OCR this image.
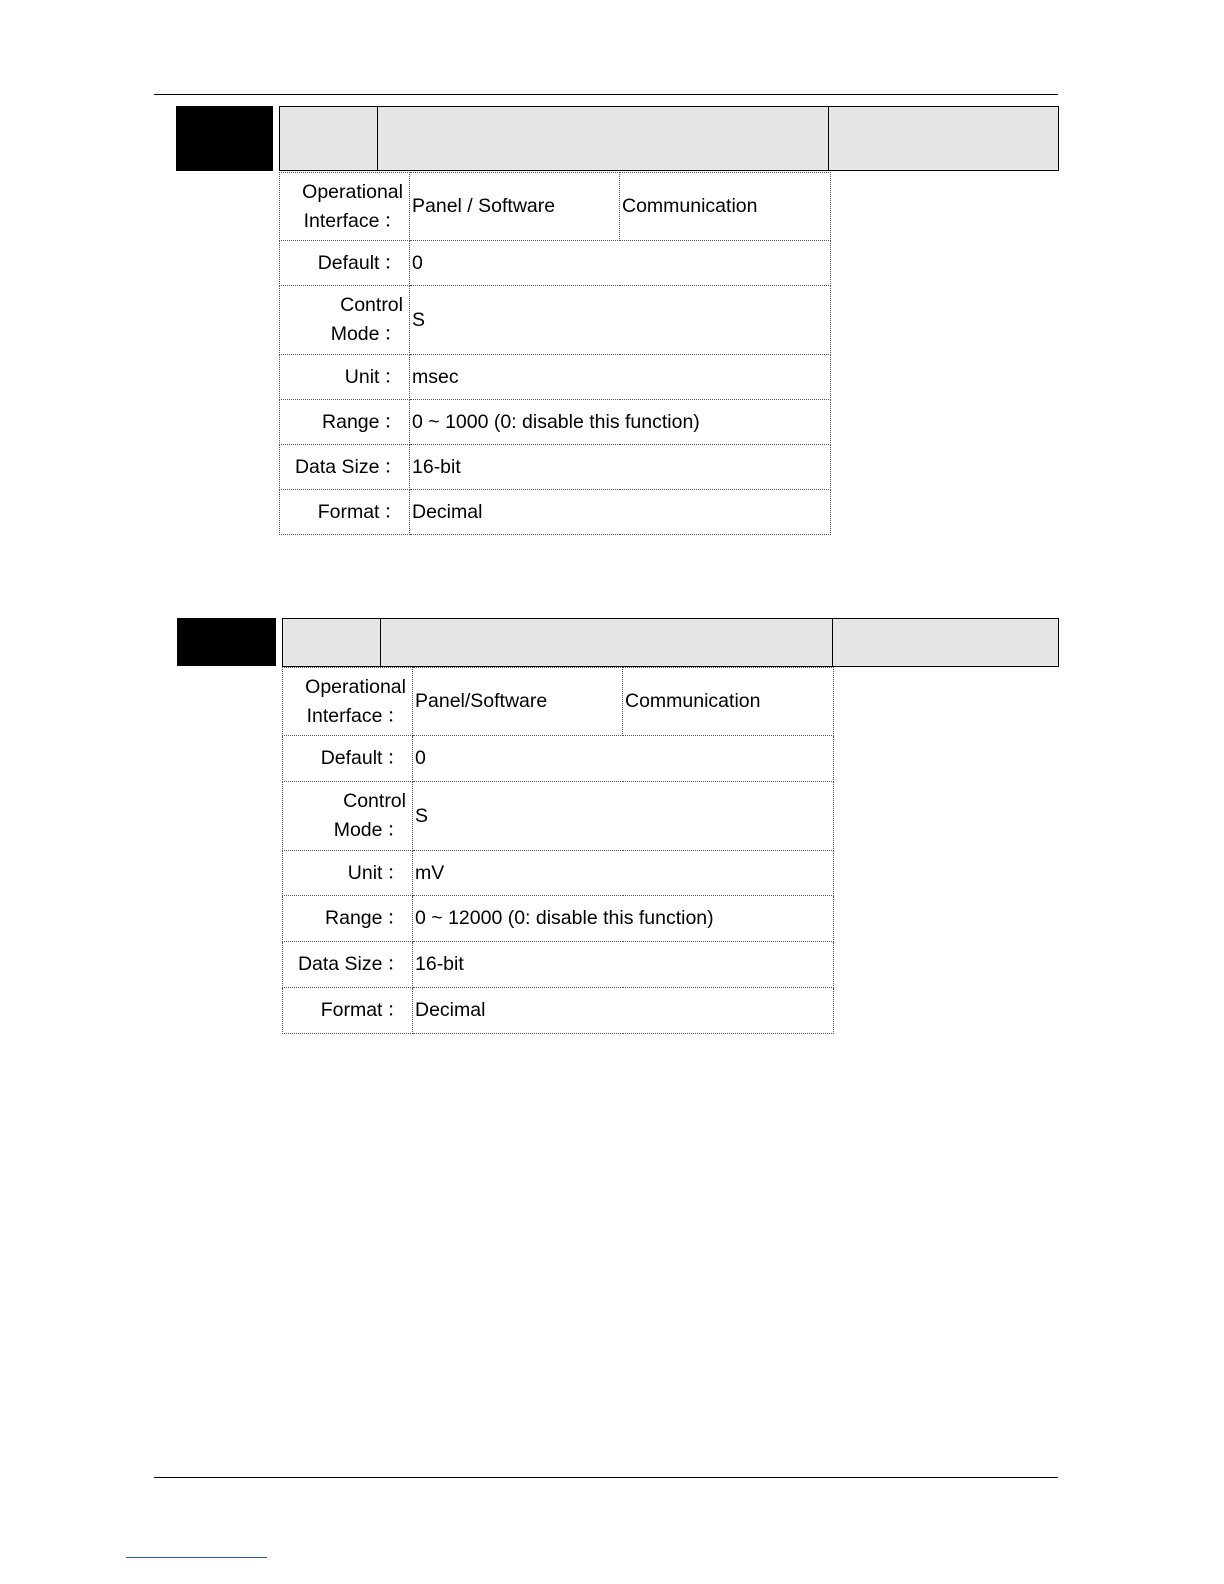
Operational
Interface ：	Panel / Software	Communication
Default ：	0	
Control
Mode ：	S	
Unit ：	msec	
Range ：	0 ~ 1000 (0: disable this function)	
Data Size ：	16-bit	
Format ：	Decimal	
Operational
Interface ：	Panel/Software	Communication
Default ：	0	
Control
Mode ：	S	
Unit ：	mV	
Range ：	0 ~ 12000 (0: disable this function)	
Data Size ：	16-bit	
Format ：	Decimal	
